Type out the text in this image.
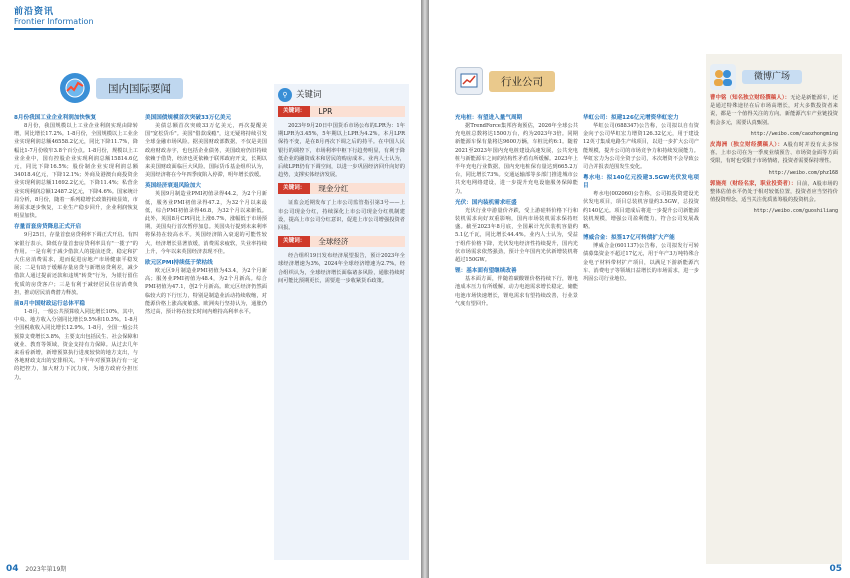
前沿资讯
Frontier Information
国内国际要闻
8月份我国工业企业利润加快恢复

8月份，我国规模以上工业企业利润实现由降转增，同比增长17.2%。1-8月份，全国规模以上工业企业实现利润总额46558.2亿元，同比下降11.7%，降幅比1-7月份收窄3.8个百分点。1-8月份，规模以上工业企业中，国有控股企业实现利润总额15814.6亿元，同比下降16.5%；股份制企业实现利润总额34018.4亿元，下降12.1%；外商及港澳台商投资企业实现利润总额11692.2亿元，下降11.4%；私营企业实现利润总额12487.2亿元，下降4.6%。国家统计局分析，8月份，随着一系列稳增长政策持续显效，市场需求逐步恢复，工业生产稳步回升，企业利润恢复明显加快。

存量首套房贷降息正式开启

9月25日，存量首套房贷利率下调正式开启。有四家银行表示，降低存量首套房贷利率具有"一揽子"的作用。一是有利于减少借款人的提前还贷，稳定和扩大住房消费需求，进而促进房地产市场健康平稳发展；二是有助于缓解存量房贷与新增房贷利差，减少借款人通过提前还款和违规"转贷"行为，为银行留住优质的房贷客户；三是有利于减轻居民住房消费负担，推动居民消费潜力释放。

前8月中国财政运行总体平稳

1-8月，一般公共预算收入同比增长10%，其中，中央、地方收入分别同比增长9.5%和10.3%。1-8月全国税收收入同比增长12.9%。1-8月，全国一般公共预算支费增长3.8%，主要支出包括民生、社会保障和就业、教育等领域，资金支持有力保障。从过去几年来看看新增，新增预算执行进度较快的地方支出，与各地财政支出的安排相关。下半年对预算执行有一定的把控力，加大财力下沉力度，为地方政府分担压力。

美国国债规模首次突破33万亿美元

美债总额首次突破33万亿美元，再次提醒美国"宽松货币"。美国"借款成瘾"，这无疑将持续引发全球金融市场风险。据美国财政部数据，不仅是美国政府财政赤字，也包括企业债务，美国政府仍旧持续依赖于借贷，经济也更依赖于联邦政府开支，长期以来美国财政面临巨大风险。国际货币基金组织认为，美国经济将在今年四季度陷入停滞，明年增长放缓。

英国经济衰退风险加大

英国9月制造业PMI初值录得44.2，为2个月新低，服务业PMI初值录得47.2，为32个月以来最低，综合PMI初值录得46.8，为32个月以来新低。此外，英国8月CPI同比上涨6.7%，涨幅低于市场预期，美国央行首次暂停加息。英国央行提到未来利率将保持在较高水平。英国经济陷入衰退的可能性较大，经济增长显著放缓，消费需求疲软，失业率持续上升，今年以来英国经济表现不佳。

欧元区PMI持续低于荣枯线

欧元区9月制造业PMI初值为43.4，为2个月新高；服务业PMI初值为48.4，为2个月新高。综合PMI初值为47.1，创2个月新高。欧元区经济仍然面临较大的下行压力，特别是制造业活动持续收缩，对能源价格上涨高度敏感。欧洲央行坚持认为，通胀仍然过高，预计将在较长时间内维持高利率水平。

⚲ 关键词
关键词：	LPR

2023年9月20日中国货币市场公布的LPR为：1年期LPR为3.45%，5年期以上LPR为4.2%。本月LPR保持不变，是在8月再次下调之后的持平。在中国人民银行的调控下，市场利率中枢下行趋势明显，有利于降低企业的融资成本和居民的购房成本。业内人士认为，后续LPR仍有下调空间，以进一步巩固经济回升向好的趋势，支撑实体经济发展。

关键词：	现金分红

证监会近期发布了上市公司监管指引第3号——上市公司现金分红，持续深化上市公司现金分红机制建设，提高上市公司分红意识，促进上市公司增强投资者回报。

关键词：	全球经济

经合组织19日发布经济展望报告，预计2023年全球经济增速为3%，2024年全球经济增速为2.7%。经合组织认为，全球经济增长面临诸多风险，通胀持续时间可能比预期更长，需要进一步收紧货币政策。

04 2023年第19期
行业公司
充电桩：有望进入量气周期

据TrendForce集邦咨询预估，2026年全球公共充电桩总数将达1500万台，约为2023年3倍。同期新能源车保有量将达9600万辆，车桩比约6:1。随着2021至2023年国内充电桩建设高速发展，公共充电桩与新能源车之间的结构性矛盾有所缓解。2023年上半年充电行业数据，国内充电桩保有量达到665.2万台，同比增长73%。交通运输部等多部门推进城市公共充电网络建设，进一步提升充电设施服务保障能力。

光伏：国内装机需求旺盛

光伏行业中游量价齐跌，受上游硅料价格下行和装机需求向好双重影响，国内市场装机需求保持旺盛。截至2023年8月底，全国累计光伏装机容量约5.1亿千瓦，同比增长44.4%。业内人士认为，受益于组件价格下降，光伏发电经济性持续提升，国内光伏市场需求依然强劲，预计全年国内光伏新增装机将超过150GW。

锂：基本面有望继续改善

基本面方面，伴随着碳酸锂价格持续下行，锂电池成本压力有所缓解，动力电池需求增长稳定，储能电池市场快速增长，锂电需求有望持续改善，行业景气度有望回升。

华虹公司：拟建126亿元增资华虹宏力

华虹公司(688347)公告称，公司拟以自有资金向子公司华虹宏力增资126.32亿元，用于建设12英寸集成电路生产线项目，以进一步扩大公司产能规模，提升公司的市场竞争力和持续发展能力。华虹宏力为公司全资子公司，本次增资不会导致公司合并报表范围发生变化。

粤水电：拟140亿元投建3.5GW光伏发电项目

粤水电(002060)公告称，公司拟投资建设光伏发电项目，项目总装机容量约3.5GW，总投资约140亿元。项目建成后将进一步提升公司新能源装机规模，增强公司盈利能力，符合公司发展战略。

博威合金：拟签17亿可转债扩大产能

博威合金(601137)公告称，公司拟发行可转债募集资金不超过17亿元，用于年产3万吨特殊合金电子材料带材扩产项目，以满足下游新能源汽车、消费电子等领域日益增长的市场需求，进一步巩固公司行业地位。

微博广场

曹中铭（知名独立财经撰稿人）：无论是新能源车，还是通过特殊途径在后市场高增长，对大多数投资者来说，都是一个值得关注的方向。新能源汽车产业链投资机会多元，需要认真甄别。

http://weibo.com/caozhongming

皮海洲（独立财经撰稿人）：A股有时并没有太多惊喜。上市公司在为一季度业绩预告、市场资金面等方面受限，有时也受限于市场情绪，投资者需要保持理性。

http://weibo.com/phz168

郭施亮（财经名家，职业投资者）：目前，A股市场的整体估值水平仍处于相对较低位置，投资者应当坚持价值投资理念，适当关注优质蓝筹股的投资机会。

http://weibo.com/guoshiliang

05
